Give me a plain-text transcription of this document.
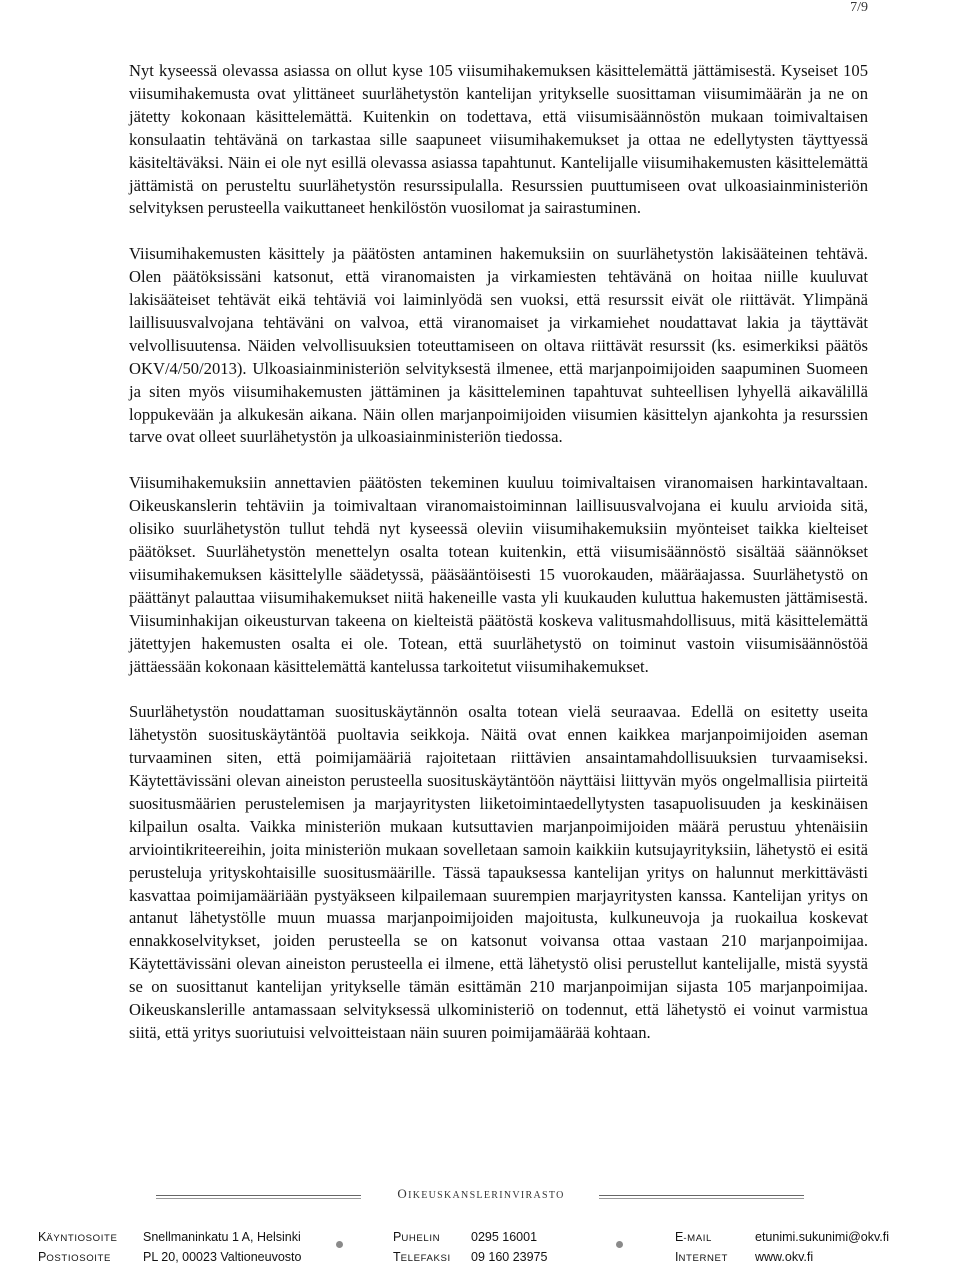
7/9

Nyt kyseessä olevassa asiassa on ollut kyse 105 viisumihakemuksen käsittelemättä jättämisestä. Kyseiset 105 viisumihakemusta ovat ylittäneet suurlähetystön kantelijan yritykselle suosittaman viisumimäärän ja ne on jätetty kokonaan käsittelemättä. Kuitenkin on todettava, että viisumisäännöstön mukaan toimivaltaisen konsulaatin tehtävänä on tarkastaa sille saapuneet viisumihakemukset ja ottaa ne edellytysten täyttyessä käsiteltäväksi. Näin ei ole nyt esillä olevassa asiassa tapahtunut. Kantelijalle viisumihakemusten käsittelemättä jättämistä on perusteltu suurlähetystön resurssipulalla. Resurssien puuttumiseen ovat ulkoasiainministeriön selvityksen perusteella vaikuttaneet henkilöstön vuosilomat ja sairastuminen.

Viisumihakemusten käsittely ja päätösten antaminen hakemuksiin on suurlähetystön lakisääteinen tehtävä. Olen päätöksissäni katsonut, että viranomaisten ja virkamiesten tehtävänä on hoitaa niille kuuluvat lakisääteiset tehtävät eikä tehtäviä voi laiminlyödä sen vuoksi, että resurssit eivät ole riittävät. Ylimpänä laillisuusvalvojana tehtäväni on valvoa, että viranomaiset ja virkamiehet noudattavat lakia ja täyttävät velvollisuutensa. Näiden velvollisuuksien toteuttamiseen on oltava riittävät resurssit (ks. esimerkiksi päätös OKV/4/50/2013). Ulkoasiainministeriön selvityksestä ilmenee, että marjanpoimijoiden saapuminen Suomeen ja siten myös viisumihakemusten jättäminen ja käsitteleminen tapahtuvat suhteellisen lyhyellä aikavälillä loppukevään ja alkukesän aikana. Näin ollen marjanpoimijoiden viisumien käsittelyn ajankohta ja resurssien tarve ovat olleet suurlähetystön ja ulkoasiainministeriön tiedossa.

Viisumihakemuksiin annettavien päätösten tekeminen kuuluu toimivaltaisen viranomaisen harkintavaltaan. Oikeuskanslerin tehtäviin ja toimivaltaan viranomaistoiminnan laillisuusvalvojana ei kuulu arvioida sitä, olisiko suurlähetystön tullut tehdä nyt kyseessä oleviin viisumihakemuksiin myönteiset taikka kielteiset päätökset. Suurlähetystön menettelyn osalta totean kuitenkin, että viisumisäännöstö sisältää säännökset viisumihakemuksen käsittelylle säädetyssä, pääsääntöisesti 15 vuorokauden, määräajassa. Suurlähetystö on päättänyt palauttaa viisumihakemukset niitä hakeneille vasta yli kuukauden kuluttua hakemusten jättämisestä. Viisuminhakijan oikeusturvan takeena on kielteistä päätöstä koskeva valitusmahdollisuus, mitä käsittelemättä jätettyjen hakemusten osalta ei ole. Totean, että suurlähetystö on toiminut vastoin viisumisäännöstöä jättäessään kokonaan käsittelemättä kantelussa tarkoitetut viisumihakemukset.

Suurlähetystön noudattaman suosituskäytännön osalta totean vielä seuraavaa. Edellä on esitetty useita lähetystön suosituskäytäntöä puoltavia seikkoja. Näitä ovat ennen kaikkea marjanpoimijoiden aseman turvaaminen siten, että poimijamääriä rajoitetaan riittävien ansaintamahdollisuuksien turvaamiseksi. Käytettävissäni olevan aineiston perusteella suosituskäytäntöön näyttäisi liittyvän myös ongelmallisia piirteitä suositusmäärien perustelemisen ja marjayritysten liiketoimintaedellytysten tasapuolisuuden ja keskinäisen kilpailun osalta. Vaikka ministeriön mukaan kutsuttavien marjanpoimijoiden määrä perustuu yhtenäisiin arviointikriteereihin, joita ministeriön mukaan sovelletaan samoin kaikkiin kutsujayrityksiin, lähetystö ei esitä perusteluja yrityskohtaisille suositusmäärille. Tässä tapauksessa kantelijan yritys on halunnut merkittävästi kasvattaa poimijamääriään pystyäkseen kilpailemaan suurempien marjayritysten kanssa. Kantelijan yritys on antanut lähetystölle muun muassa marjanpoimijoiden majoitusta, kulkuneuvoja ja ruokailua koskevat ennakkoselvitykset, joiden perusteella se on katsonut voivansa ottaa vastaan 210 marjanpoimijaa. Käytettävissäni olevan aineiston perusteella ei ilmene, että lähetystö olisi perustellut kantelijalle, mistä syystä se on suosittanut kantelijan yritykselle tämän esittämän 210 marjanpoimijan sijasta 105 marjanpoimijaa. Oikeuskanslerille antamassaan selvityksessä ulkoministeriö on todennut, että lähetystö ei voinut varmistua siitä, että yritys suoriutuisi velvoitteistaan näin suuren poimijamäärää kohtaan.

OIKEUSKANSLERINVIRASTO
KÄYNTIOSOITE Snellmaninkatu 1 A, Helsinki	PUHELIN 0295 16001	E-MAIL	etunimi.sukunimi@okv.fi
POSTIOSOITE	PL 20, 00023 Valtioneuvosto	TELEFAKSI 09 160 23975	INTERNET www.okv.fi
